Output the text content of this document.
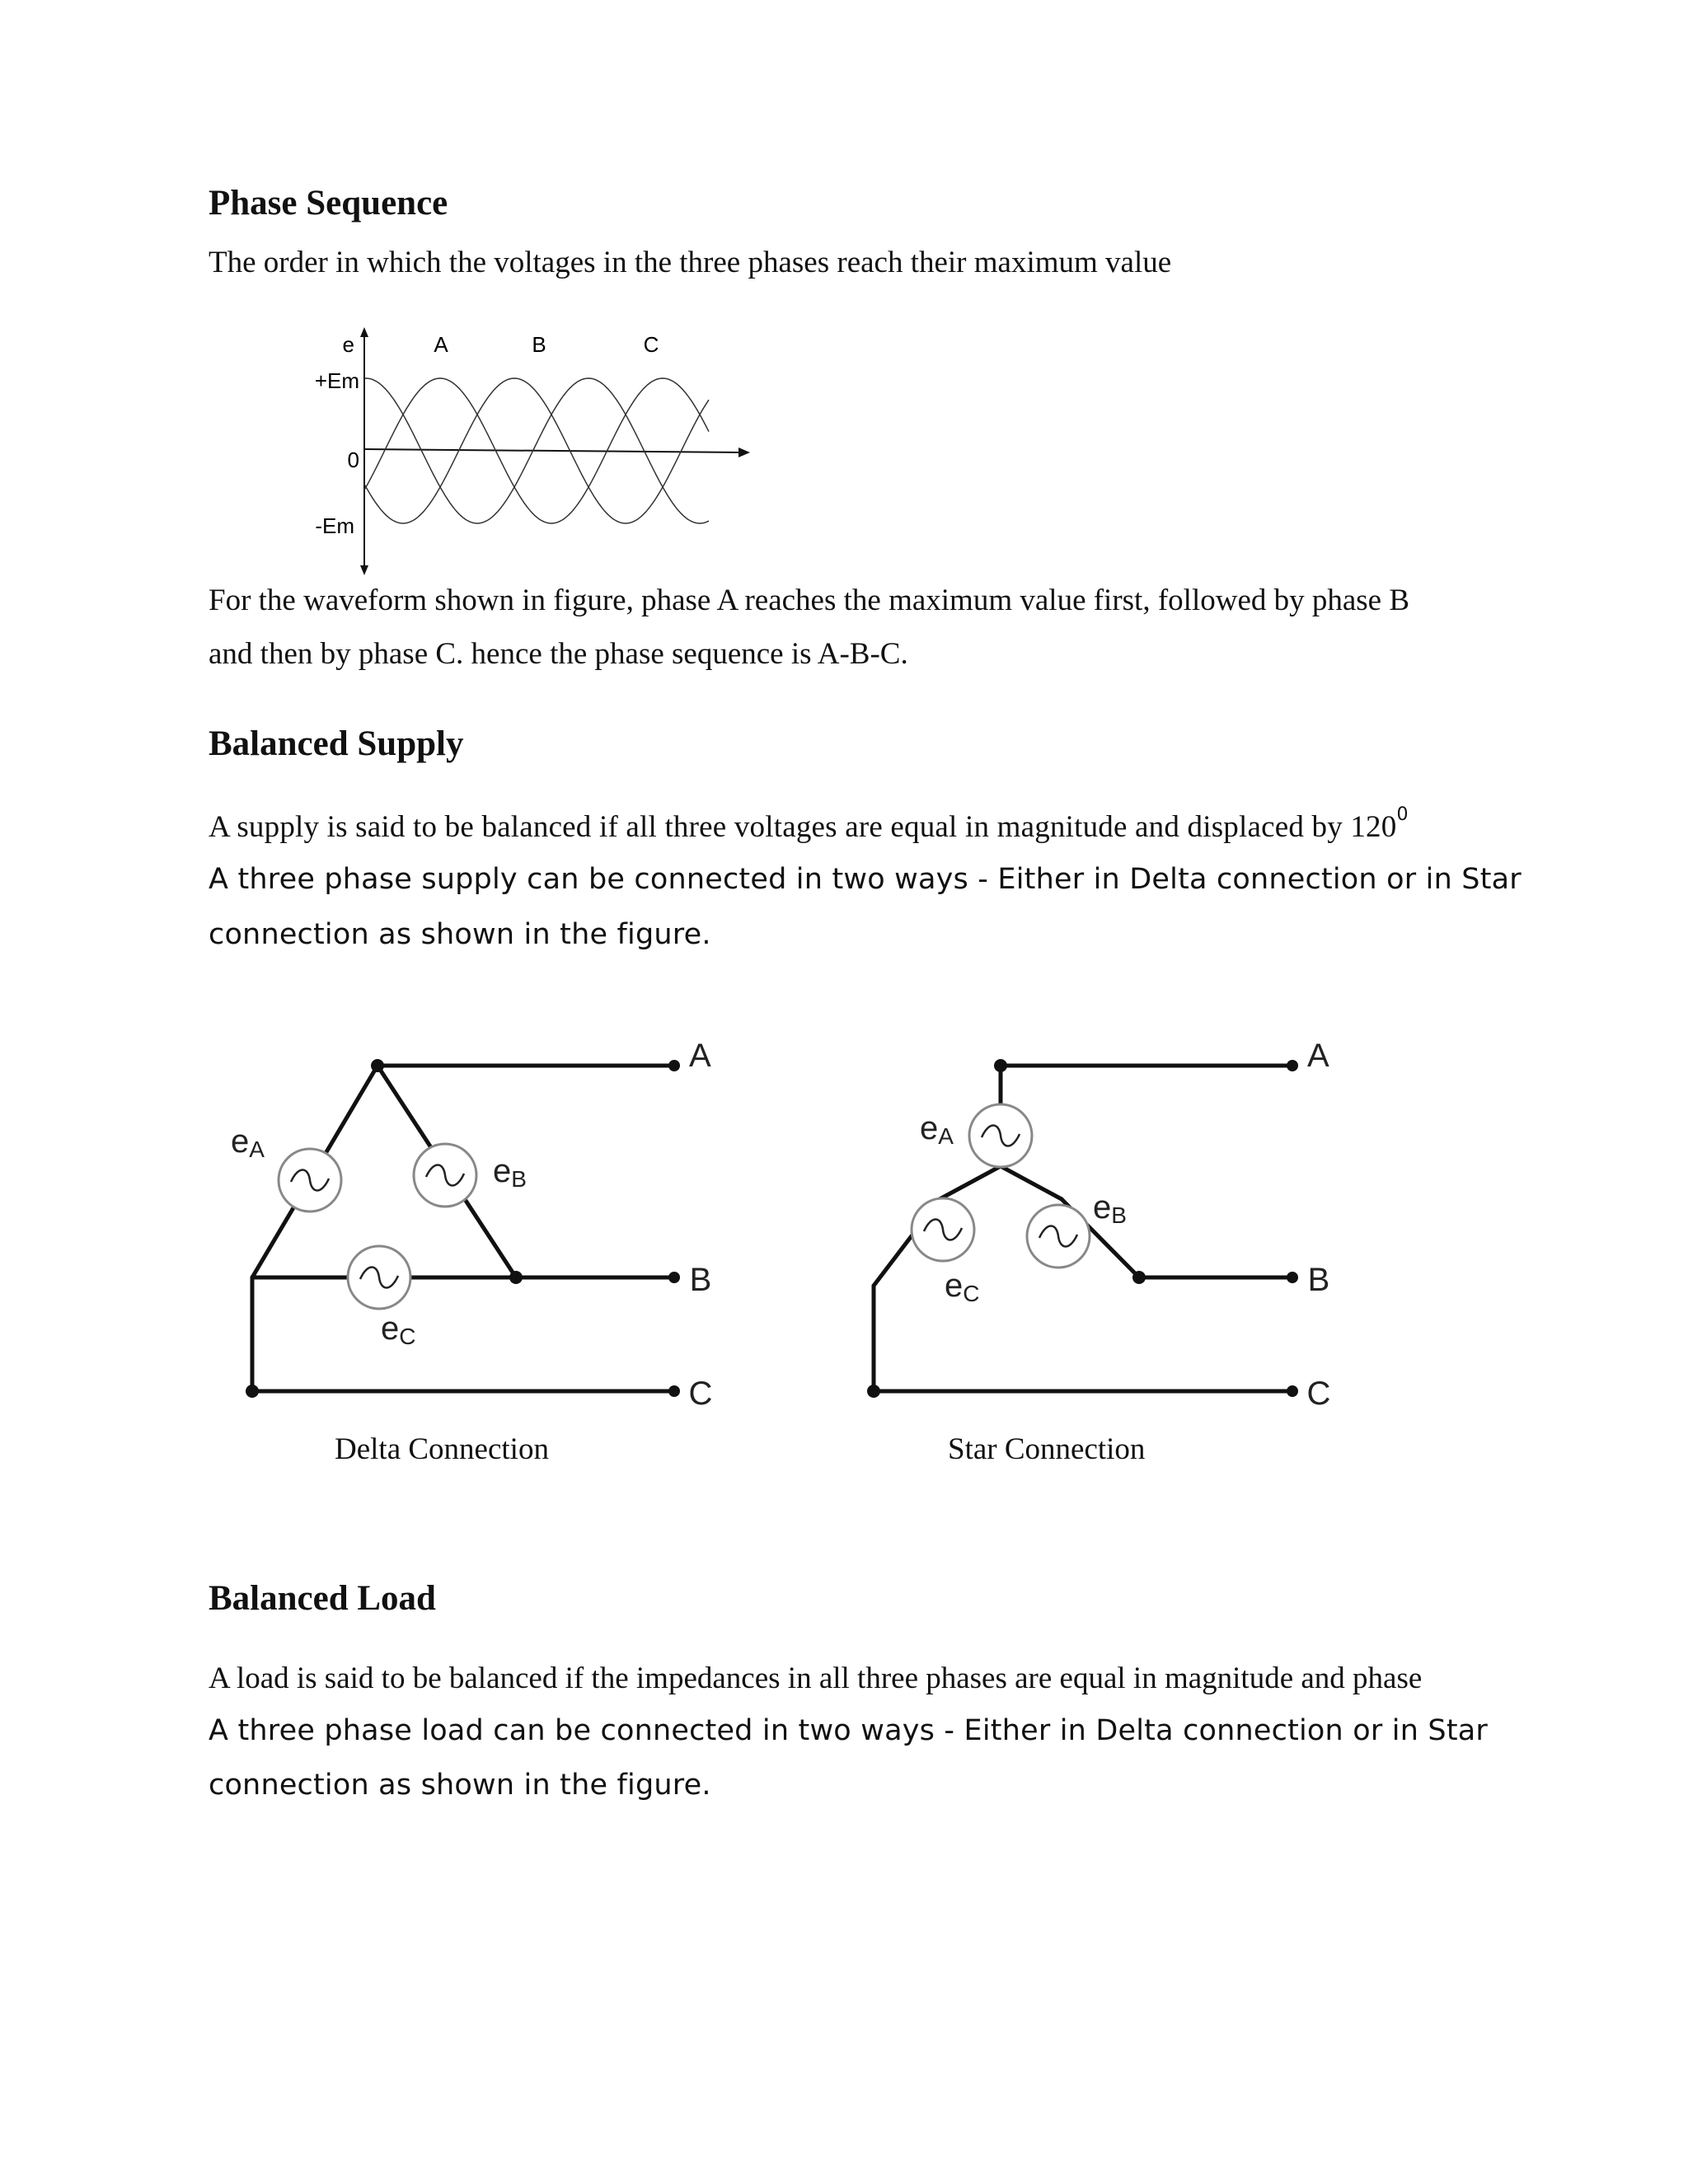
Phase Sequence
The order in which the voltages in the three phases reach their maximum value
e
+Em
0
-Em
A	B	C
For the waveform shown in figure, phase A reaches the maximum value first, followed by phase B
and then by phase C. hence the phase sequence is A-B-C.
Balanced Supply
A supply is said to be balanced if all three voltages are equal in magnitude and displaced by $120^0$
A three phase supply can be connected in two ways - Either in Delta connection or in Star
connection as shown in the figure.
eA
eB
eC
A
B
C
Delta Connection
eA
eB
eC
A
B
C
Star Connection
Balanced Load
A load is said to be balanced if the impedances in all three phases are equal in magnitude and phase
A three phase load can be connected in two ways - Either in Delta connection or in Star
connection as shown in the figure.
